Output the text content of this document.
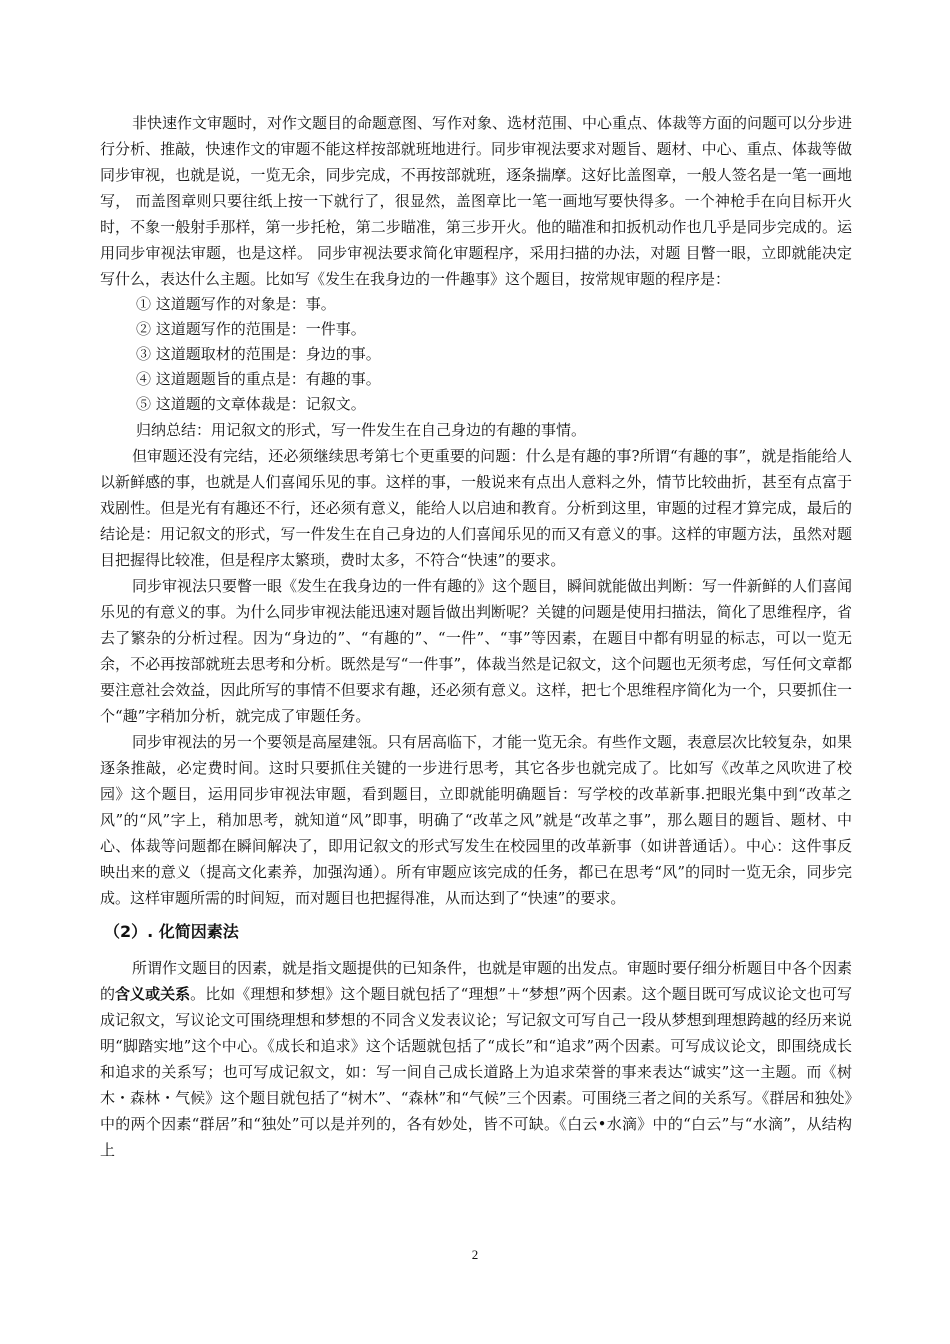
非快速作文审题时，对作文题目的命题意图、写作对象、选材范围、中心重点、体裁等方面的问题可以分步进行分析、推敲，快速作文的审题不能这样按部就班地进行。同步审视法要求对题旨、题材、中心、重点、体裁等做同步审视，也就是说，一览无余，同步完成，不再按部就班，逐条揣摩。这好比盖图章，一般人签名是一笔一画地写， 而盖图章则只要往纸上按一下就行了，很显然，盖图章比一笔一画地写要快得多。一个神枪手在向目标开火时，不象一般射手那样，第一步托枪，第二步瞄准，第三步开火。他的瞄准和扣扳机动作也几乎是同步完成的。运用同步审视法审题，也是这样。 同步审视法要求简化审题程序，采用扫描的办法，对题 目瞥一眼，立即就能决定写什么，表达什么主题。比如写《发生在我身边的一件趣事》这个题目，按常规审题的程序是：

① 这道题写作的对象是：事。
② 这道题写作的范围是：一件事。
③ 这道题取材的范围是：身边的事。
④ 这道题题旨的重点是：有趣的事。
⑤ 这道题的文章体裁是：记叙文。
归纳总结：用记叙文的形式，写一件发生在自己身边的有趣的事情。

但审题还没有完结，还必须继续思考第七个更重要的问题：什么是有趣的事?所谓“有趣的事”，就是指能给人以新鲜感的事，也就是人们喜闻乐见的事。这样的事，一般说来有点出人意料之外，情节比较曲折，甚至有点富于戏剧性。但是光有有趣还不行，还必须有意义，能给人以启迪和教育。分析到这里，审题的过程才算完成，最后的结论是：用记叙文的形式，写一件发生在自己身边的人们喜闻乐见的而又有意义的事。这样的审题方法，虽然对题目把握得比较准，但是程序太繁琐，费时太多，不符合“快速”的要求。

同步审视法只要瞥一眼《发生在我身边的一件有趣的》这个题目，瞬间就能做出判断：写一件新鲜的人们喜闻乐见的有意义的事。为什么同步审视法能迅速对题旨做出判断呢？关键的问题是使用扫描法，简化了思维程序，省去了繁杂的分析过程。因为“身边的”、“有趣的”、“一件”、“事”等因素，在题目中都有明显的标志，可以一览无余，不必再按部就班去思考和分析。既然是写“一件事”，体裁当然是记叙文，这个问题也无须考虑，写任何文章都要注意社会效益，因此所写的事情不但要求有趣，还必须有意义。这样，把七个思维程序简化为一个，只要抓住一个“趣”字稍加分析，就完成了审题任务。

同步审视法的另一个要领是高屋建瓴。只有居高临下，才能一览无余。有些作文题，表意层次比较复杂，如果逐条推敲，必定费时间。这时只要抓住关键的一步进行思考，其它各步也就完成了。比如写《改革之风吹进了校园》这个题目，运用同步审视法审题，看到题目，立即就能明确题旨：写学校的改革新事.把眼光集中到“改革之风”的“风”字上，稍加思考，就知道“风”即事，明确了“改革之风”就是“改革之事”，那么题目的题旨、题材、中心、体裁等问题都在瞬间解决了，即用记叙文的形式写发生在校园里的改革新事（如讲普通话）。中心：这件事反映出来的意义（提高文化素养，加强沟通）。所有审题应该完成的任务，都已在思考“风”的同时一览无余，同步完成。这样审题所需的时间短，而对题目也把握得准，从而达到了“快速”的要求。

（2）. 化简因素法

所谓作文题目的因素，就是指文题提供的已知条件，也就是审题的出发点。审题时要仔细分析题目中各个因素的含义或关系。比如《理想和梦想》这个题目就包括了“理想”＋“梦想”两个因素。这个题目既可写成议论文也可写成记叙文，写议论文可围绕理想和梦想的不同含义发表议论；写记叙文可写自己一段从梦想到理想跨越的经历来说明“脚踏实地”这个中心。《成长和追求》这个话题就包括了“成长”和“追求”两个因素。可写成议论文，即围绕成长和追求的关系写；也可写成记叙文，如：写一间自己成长道路上为追求荣誉的事来表达“诚实”这一主题。而《树木・森林・气候》这个题目就包括了“树木”、“森林”和“气候”三个因素。可围绕三者之间的关系写。《群居和独处》中的两个因素“群居”和“独处”可以是并列的，各有妙处，皆不可缺。《白云•水滴》中的“白云”与“水滴”，从结构上

2
